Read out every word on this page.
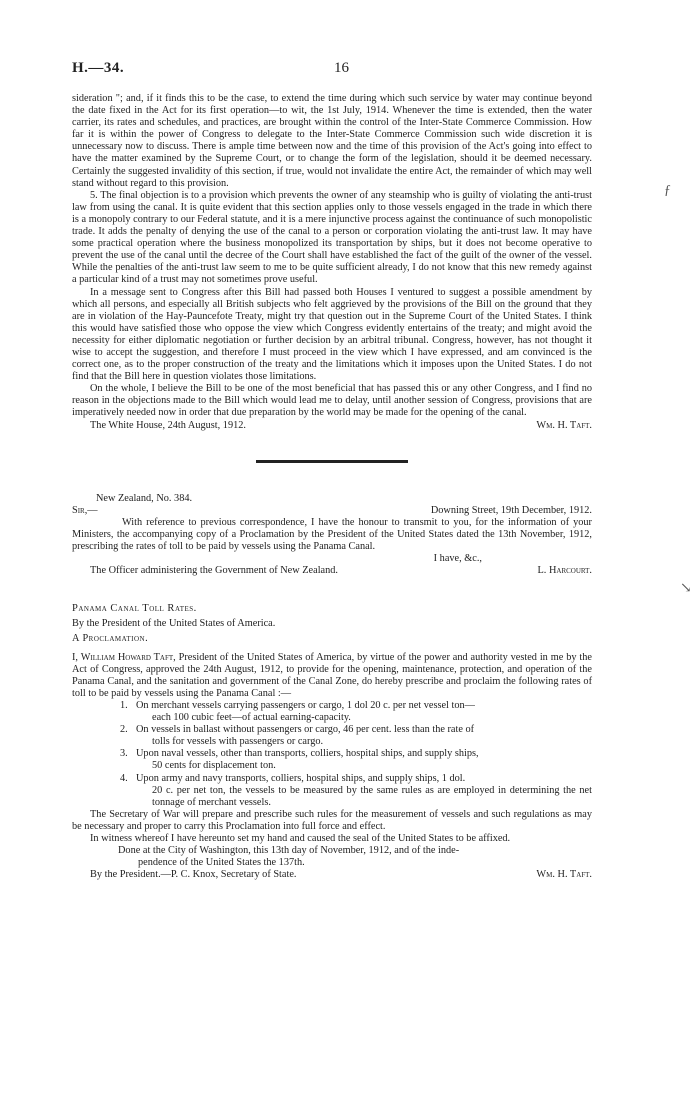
H.—34.	16
ƒ
↘

sideration "; and, if it finds this to be the case, to extend the time during which such service by water may continue beyond the date fixed in the Act for its first operation—to wit, the 1st July, 1914. Whenever the time is extended, then the water carrier, its rates and schedules, and practices, are brought within the control of the Inter-State Commerce Commission. How far it is within the power of Congress to delegate to the Inter-State Commerce Commission such wide discretion it is unnecessary now to discuss. There is ample time between now and the time of this provision of the Act's going into effect to have the matter examined by the Supreme Court, or to change the form of the legislation, should it be deemed necessary. Certainly the suggested invalidity of this section, if true, would not invalidate the entire Act, the remainder of which may well stand without regard to this provision.

5. The final objection is to a provision which prevents the owner of any steamship who is guilty of violating the anti-trust law from using the canal. It is quite evident that this section applies only to those vessels engaged in the trade in which there is a monopoly contrary to our Federal statute, and it is a mere injunctive process against the continuance of such monopolistic trade. It adds the penalty of denying the use of the canal to a person or corporation violating the anti-trust law. It may have some practical operation where the business monopolized its transportation by ships, but it does not become operative to prevent the use of the canal until the decree of the Court shall have established the fact of the guilt of the owner of the vessel. While the penalties of the anti-trust law seem to me to be quite sufficient already, I do not know that this new remedy against a particular kind of a trust may not sometimes prove useful.

In a message sent to Congress after this Bill had passed both Houses I ventured to suggest a possible amendment by which all persons, and especially all British subjects who felt aggrieved by the provisions of the Bill on the ground that they are in violation of the Hay-Pauncefote Treaty, might try that question out in the Supreme Court of the United States. I think this would have satisfied those who oppose the view which Congress evidently entertains of the treaty; and might avoid the necessity for either diplomatic negotiation or further decision by an arbitral tribunal. Congress, however, has not thought it wise to accept the suggestion, and therefore I must proceed in the view which I have expressed, and am convinced is the correct one, as to the proper construction of the treaty and the limitations which it imposes upon the United States. I do not find that the Bill here in question violates those limitations.

On the whole, I believe the Bill to be one of the most beneficial that has passed this or any other Congress, and I find no reason in the objections made to the Bill which would lead me to delay, until another session of Congress, provisions that are imperatively needed now in order that due preparation by the world may be made for the opening of the canal.

The White House, 24th August, 1912.	Wm. H. Taft.

New Zealand, No. 384.

Sir,—	Downing Street, 19th December, 1912.

With reference to previous correspondence, I have the honour to transmit to you, for the information of your Ministers, the accompanying copy of a Proclamation by the President of the United States dated the 13th November, 1912, prescribing the rates of toll to be paid by vessels using the Panama Canal.

I have, &c.,
The Officer administering the Government of New Zealand.	L. Harcourt.

Panama Canal Toll Rates.

By the President of the United States of America.

A Proclamation.

I, William Howard Taft, President of the United States of America, by virtue of the power and authority vested in me by the Act of Congress, approved the 24th August, 1912, to provide for the opening, maintenance, protection, and operation of the Panama Canal, and the sanitation and government of the Canal Zone, do hereby prescribe and proclaim the following rates of toll to be paid by vessels using the Panama Canal :—

1. On merchant vessels carrying passengers or cargo, 1 dol 20 c. per net vessel ton—
each 100 cubic feet—of actual earning-capacity.
2. On vessels in ballast without passengers or cargo, 46 per cent. less than the rate of
tolls for vessels with passengers or cargo.
3. Upon naval vessels, other than transports, colliers, hospital ships, and supply ships,
50 cents for displacement ton.
4. Upon army and navy transports, colliers, hospital ships, and supply ships, 1 dol.
20 c. per net ton, the vessels to be measured by the same rules as are employed in determining the net tonnage of merchant vessels.

The Secretary of War will prepare and prescribe such rules for the measurement of vessels and such regulations as may be necessary and proper to carry this Proclamation into full force and effect.

In witness whereof I have hereunto set my hand and caused the seal of the United States to be affixed.

Done at the City of Washington, this 13th day of November, 1912, and of the inde-
pendence of the United States the 137th.
By the President.—P. C. Knox, Secretary of State.	Wm. H. Taft.
